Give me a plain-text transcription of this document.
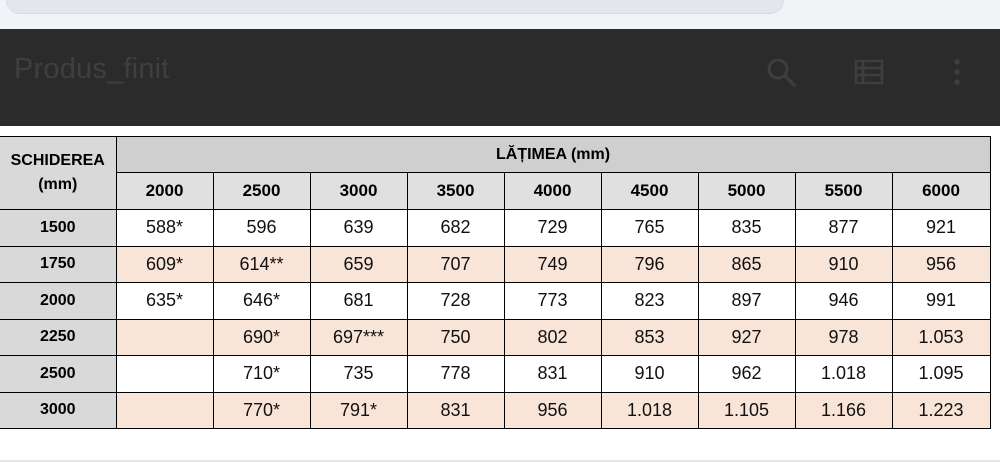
Produs_finit
SCHIDEREA
(mm)	LĂȚIMEA (mm)								
	2000	2500	3000	3500	4000	4500	5000	5500	6000
1500	588*	596	639	682	729	765	835	877	921
1750	609*	614**	659	707	749	796	865	910	956
2000	635*	646*	681	728	773	823	897	946	991
2250		690*	697***	750	802	853	927	978	1.053
2500		710*	735	778	831	910	962	1.018	1.095
3000		770*	791*	831	956	1.018	1.105	1.166	1.223
